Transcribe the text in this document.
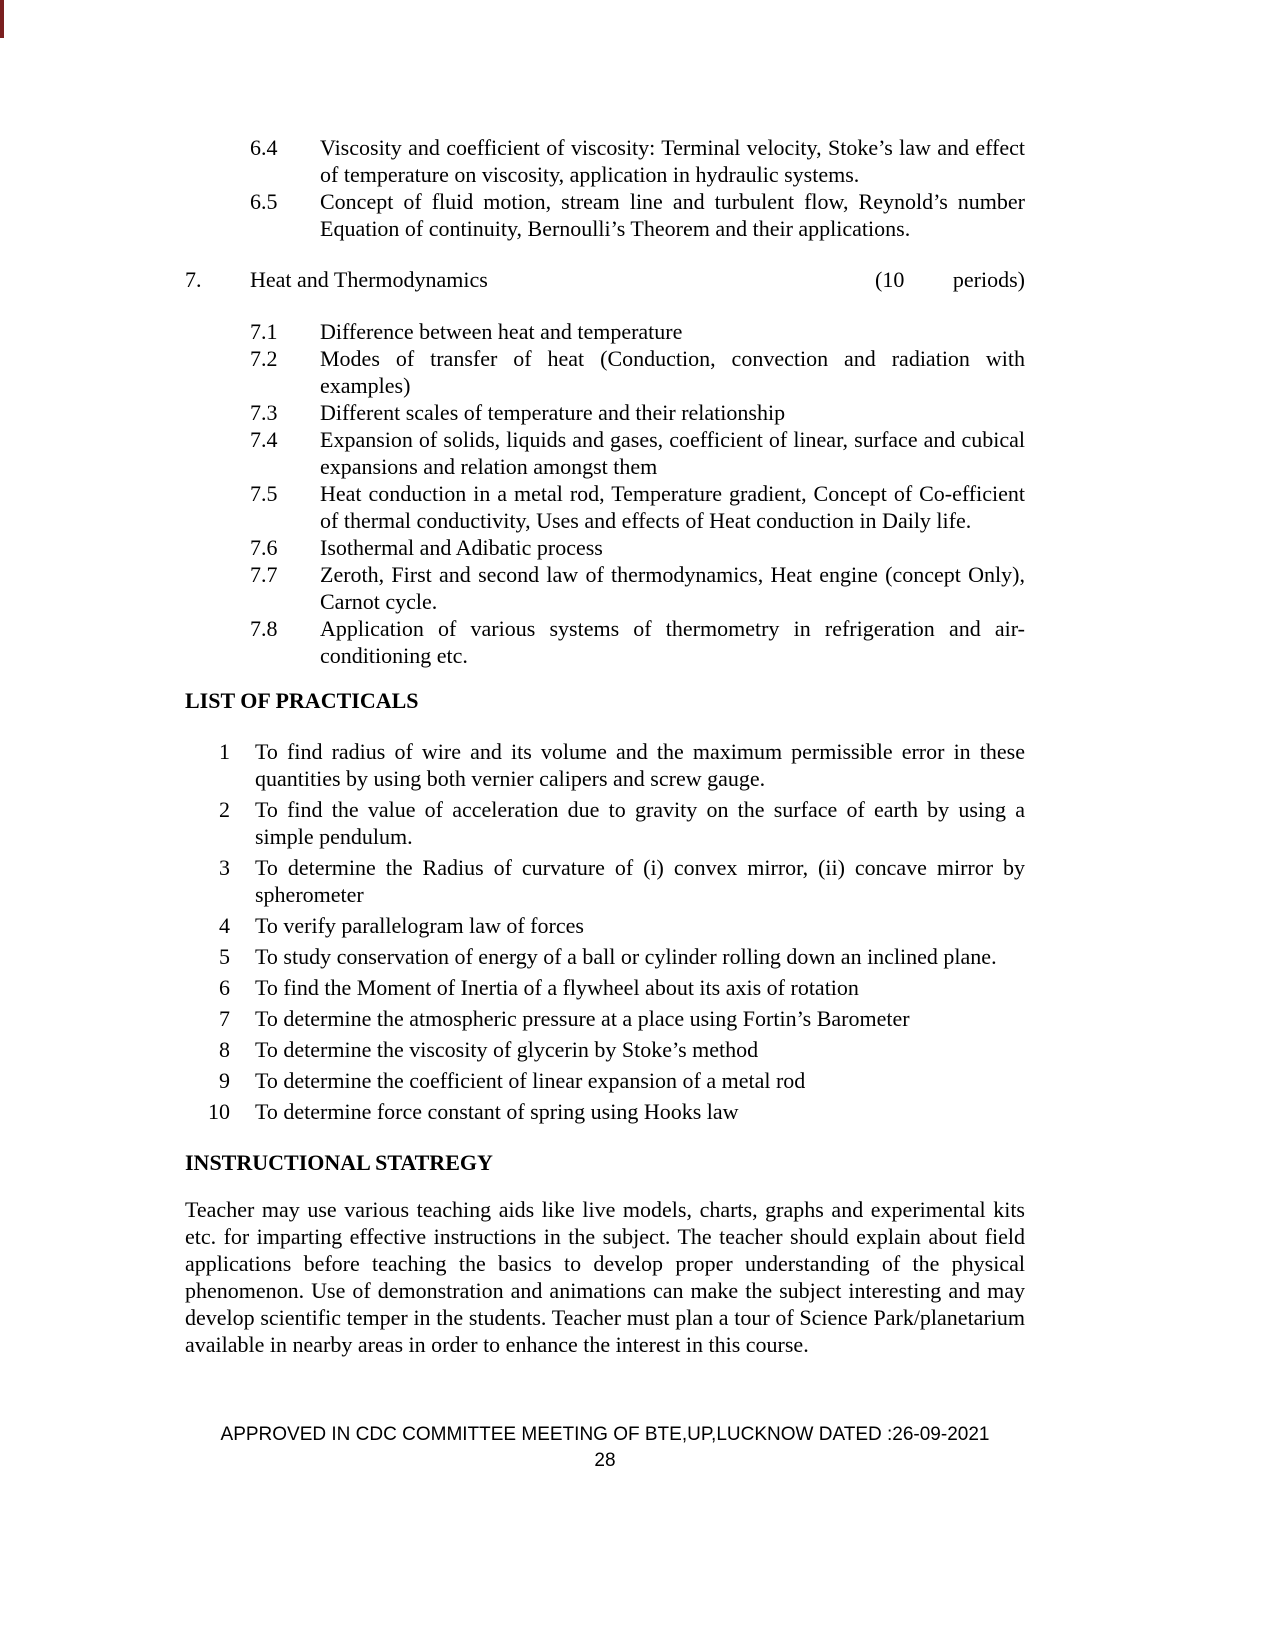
6.4	Viscosity and coefficient of viscosity: Terminal velocity, Stoke’s law and effect of temperature on viscosity, application in hydraulic systems.
6.5	Concept of fluid motion, stream line and turbulent flow, Reynold’s number Equation of continuity, Bernoulli’s Theorem and their applications.
7. Heat and Thermodynamics	(10 periods)
7.1	Difference between heat and temperature
7.2	Modes of transfer of heat (Conduction, convection and radiation with examples)
7.3	Different scales of temperature and their relationship
7.4	Expansion of solids, liquids and gases, coefficient of linear, surface and cubical expansions and relation amongst them
7.5	Heat conduction in a metal rod, Temperature gradient, Concept of Co-efficient of thermal conductivity, Uses and effects of Heat conduction in Daily life.
7.6	Isothermal and Adibatic process
7.7	Zeroth, First and second law of thermodynamics, Heat engine (concept Only), Carnot cycle.
7.8	Application of various systems of thermometry in refrigeration and air-conditioning etc.
LIST OF PRACTICALS
1 To find radius of wire and its volume and the maximum permissible error in these quantities by using both vernier calipers and screw gauge.
2 To find the value of acceleration due to gravity on the surface of earth by using a simple pendulum.
3 To determine the Radius of curvature of (i) convex mirror, (ii) concave mirror by spherometer
4 To verify parallelogram law of forces
5 To study conservation of energy of a ball or cylinder rolling down an inclined plane.
6 To find the Moment of Inertia of a flywheel about its axis of rotation
7 To determine the atmospheric pressure at a place using Fortin’s Barometer
8 To determine the viscosity of glycerin by Stoke’s method
9 To determine the coefficient of linear expansion of a metal rod
10 To determine force constant of spring using Hooks law
INSTRUCTIONAL STATREGY
Teacher may use various teaching aids like live models, charts, graphs and experimental kits etc. for imparting effective instructions in the subject. The teacher should explain about field applications before teaching the basics to develop proper understanding of the physical phenomenon. Use of demonstration and animations can make the subject interesting and may develop scientific temper in the students. Teacher must plan a tour of Science Park/planetarium available in nearby areas in order to enhance the interest in this course.
APPROVED IN CDC COMMITTEE MEETING OF BTE,UP,LUCKNOW DATED :26-09-2021
28
